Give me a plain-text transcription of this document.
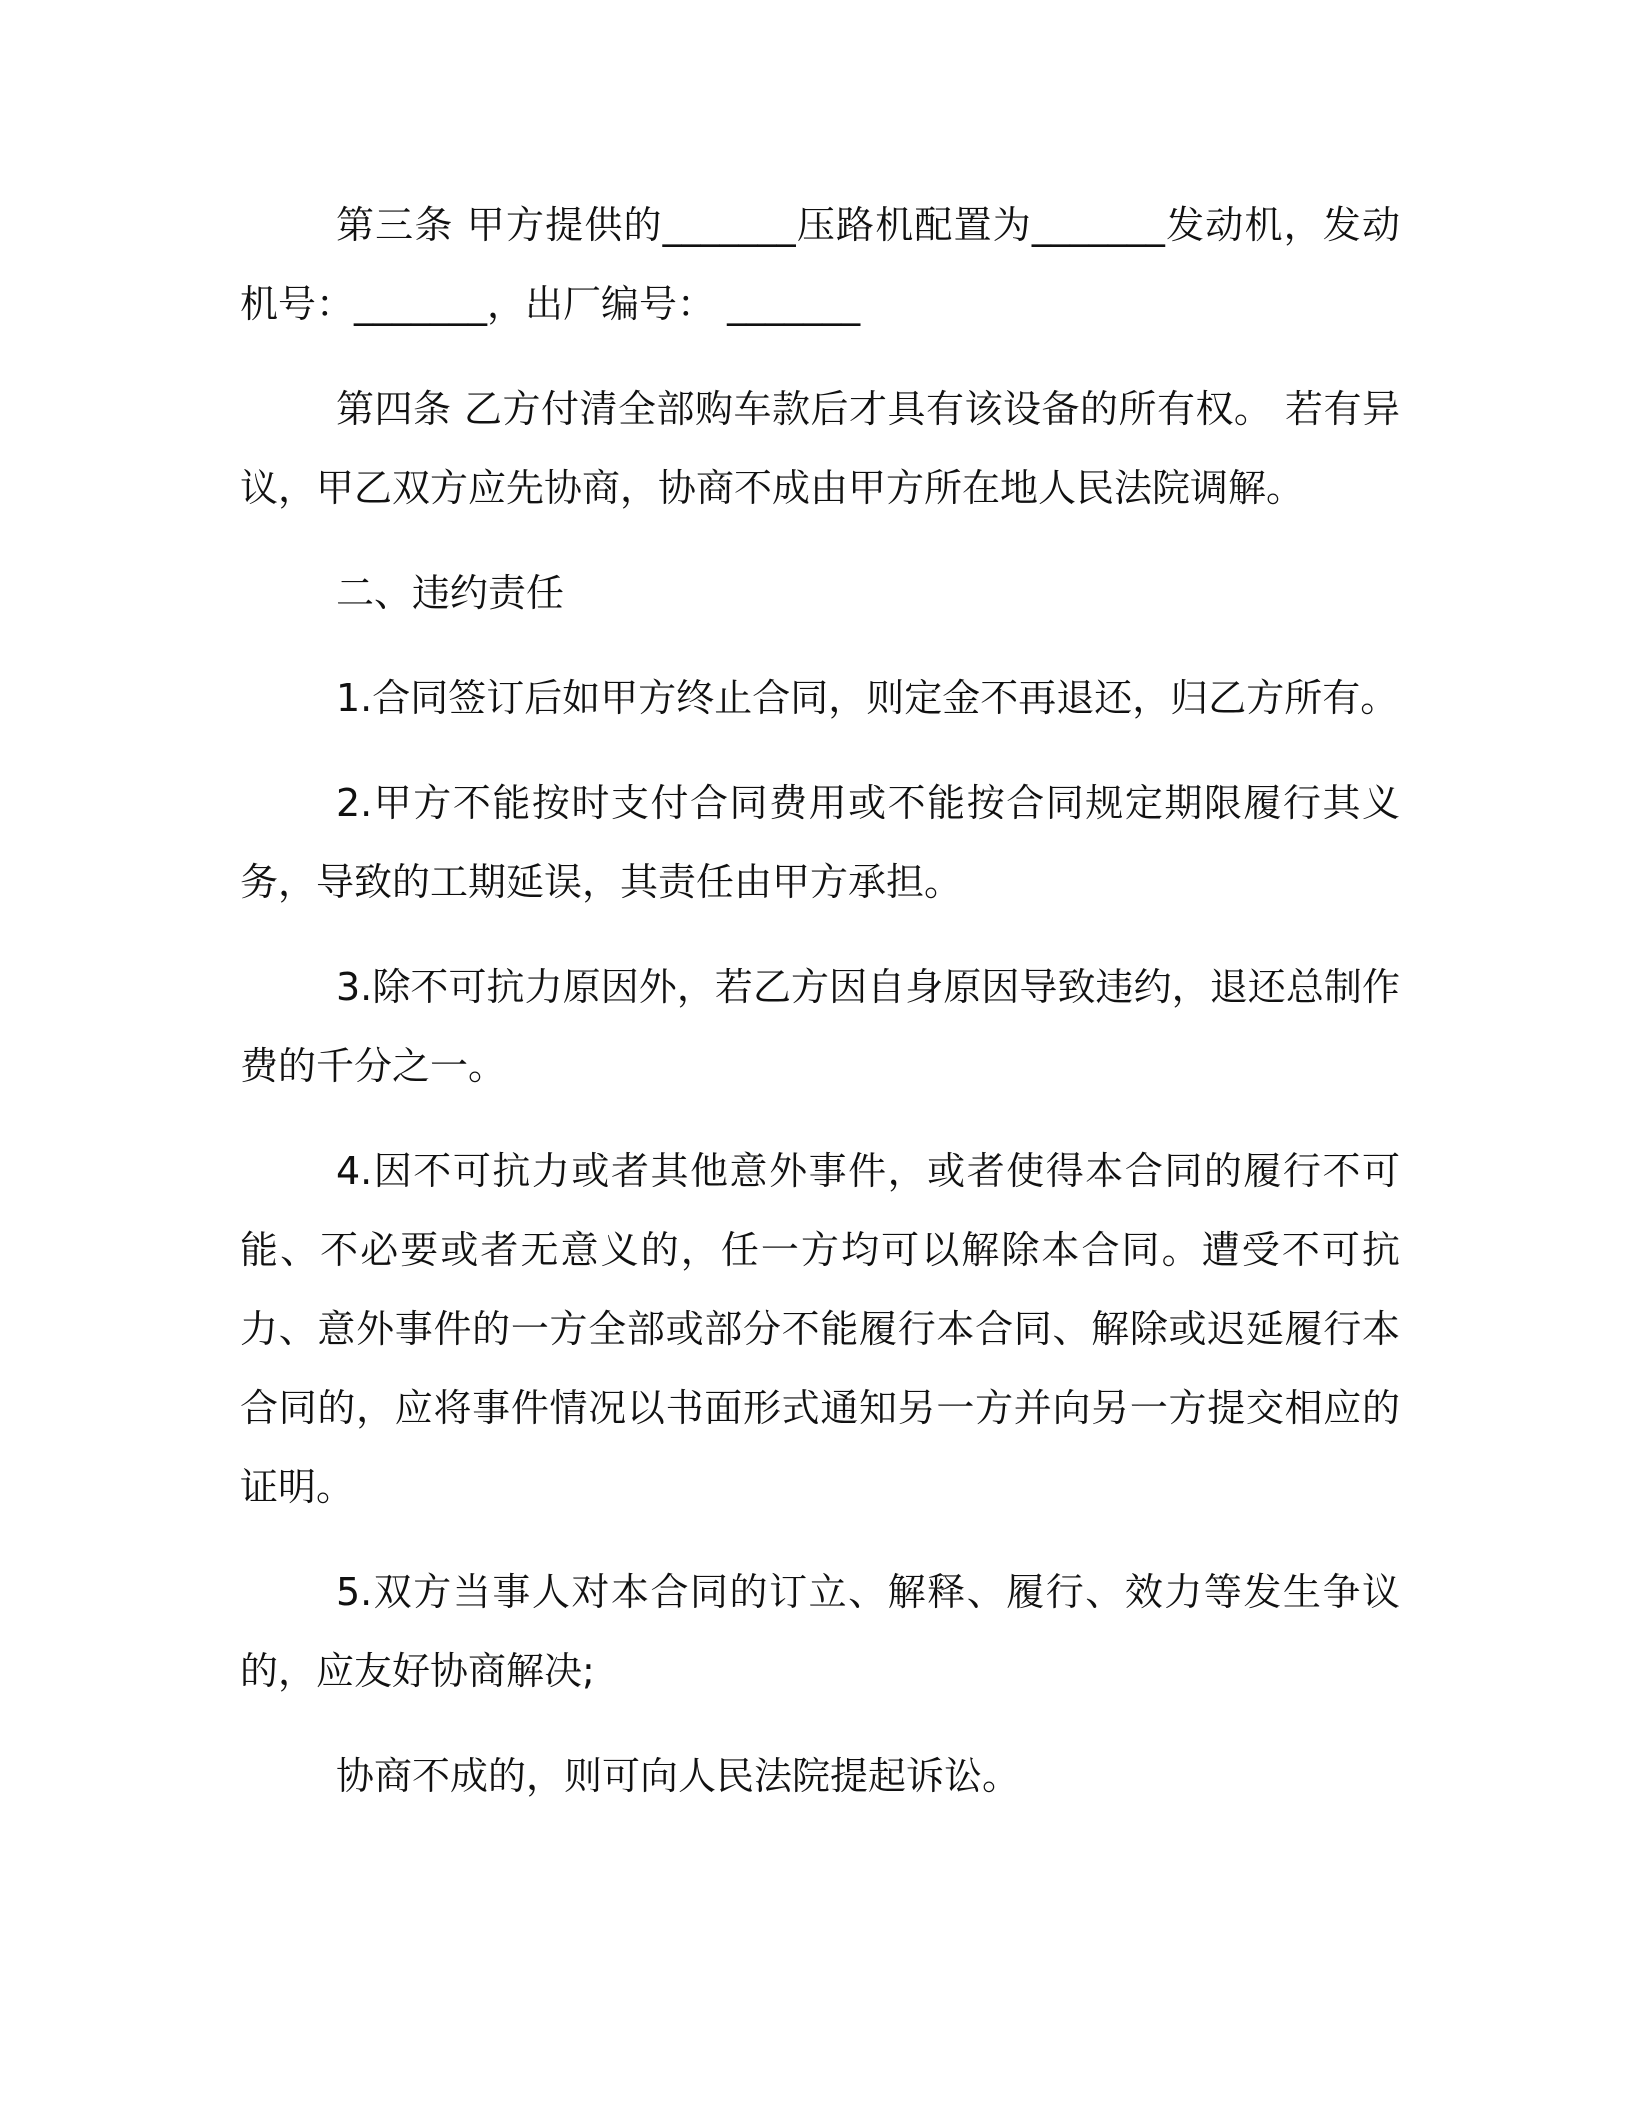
第三条 甲方提供的_______压路机配置为_______发动机，发动机号：_______，出厂编号： _______

第四条 乙方付清全部购车款后才具有该设备的所有权。 若有异议，甲乙双方应先协商，协商不成由甲方所在地人民法院调解。

二、违约责任

1.合同签订后如甲方终止合同，则定金不再退还，归乙方所有。

2.甲方不能按时支付合同费用或不能按合同规定期限履行其义务，导致的工期延误，其责任由甲方承担。

3.除不可抗力原因外，若乙方因自身原因导致违约，退还总制作费的千分之一。

4.因不可抗力或者其他意外事件，或者使得本合同的履行不可能、不必要或者无意义的，任一方均可以解除本合同。遭受不可抗力、意外事件的一方全部或部分不能履行本合同、解除或迟延履行本合同的，应将事件情况以书面形式通知另一方并向另一方提交相应的证明。

5.双方当事人对本合同的订立、解释、履行、效力等发生争议的，应友好协商解决;

协商不成的，则可向人民法院提起诉讼。
